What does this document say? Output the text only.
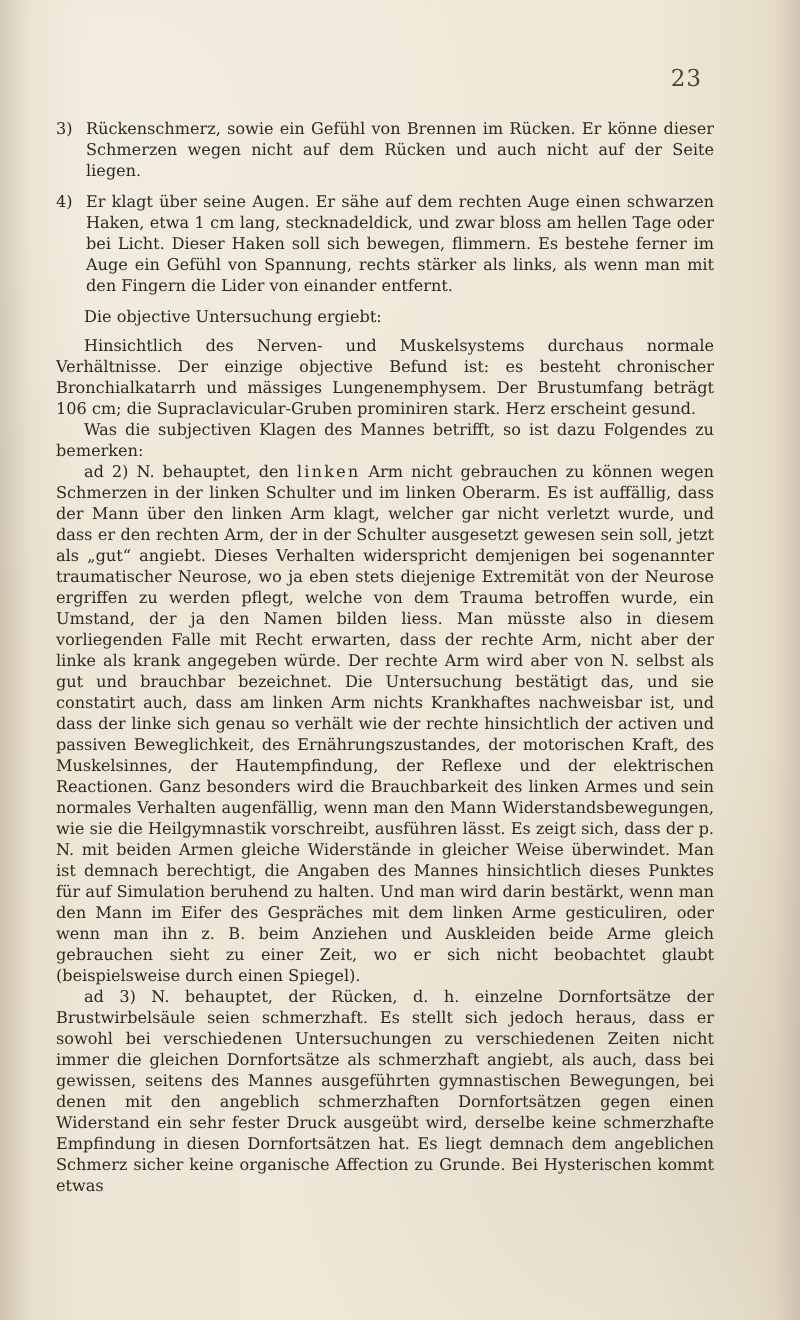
23
3) Rückenschmerz, sowie ein Gefühl von Brennen im Rücken. Er könne dieser Schmerzen wegen nicht auf dem Rücken und auch nicht auf der Seite liegen.
4) Er klagt über seine Augen. Er sähe auf dem rechten Auge einen schwarzen Haken, etwa 1 cm lang, stecknadeldick, und zwar bloss am hellen Tage oder bei Licht. Dieser Haken soll sich bewegen, flimmern. Es bestehe ferner im Auge ein Gefühl von Spannung, rechts stärker als links, als wenn man mit den Fingern die Lider von einander entfernt.

Die objective Untersuchung ergiebt:

Hinsichtlich des Nerven- und Muskelsystems durchaus normale Verhältnisse. Der einzige objective Befund ist: es besteht chronischer Bronchialkatarrh und mässiges Lungenemphysem. Der Brustumfang beträgt 106 cm; die Supraclavicular-Gruben prominiren stark. Herz erscheint gesund.

Was die subjectiven Klagen des Mannes betrifft, so ist dazu Folgendes zu bemerken:

ad 2) N. behauptet, den linken Arm nicht gebrauchen zu können wegen Schmerzen in der linken Schulter und im linken Oberarm. Es ist auffällig, dass der Mann über den linken Arm klagt, welcher gar nicht verletzt wurde, und dass er den rechten Arm, der in der Schulter ausgesetzt gewesen sein soll, jetzt als „gut“ angiebt. Dieses Verhalten widerspricht demjenigen bei sogenannter traumatischer Neurose, wo ja eben stets diejenige Extremität von der Neurose ergriffen zu werden pflegt, welche von dem Trauma betroffen wurde, ein Umstand, der ja den Namen bilden liess. Man müsste also in diesem vorliegenden Falle mit Recht erwarten, dass der rechte Arm, nicht aber der linke als krank angegeben würde. Der rechte Arm wird aber von N. selbst als gut und brauchbar bezeichnet. Die Untersuchung bestätigt das, und sie constatirt auch, dass am linken Arm nichts Krankhaftes nachweisbar ist, und dass der linke sich genau so verhält wie der rechte hinsichtlich der activen und passiven Beweglichkeit, des Ernährungszustandes, der motorischen Kraft, des Muskelsinnes, der Hautempfindung, der Reflexe und der elektrischen Reactionen. Ganz besonders wird die Brauchbarkeit des linken Armes und sein normales Verhalten augenfällig, wenn man den Mann Widerstandsbewegungen, wie sie die Heilgymnastik vorschreibt, ausführen lässt. Es zeigt sich, dass der p. N. mit beiden Armen gleiche Widerstände in gleicher Weise überwindet. Man ist demnach berechtigt, die Angaben des Mannes hinsichtlich dieses Punktes für auf Simulation beruhend zu halten. Und man wird darin bestärkt, wenn man den Mann im Eifer des Gespräches mit dem linken Arme gesticuliren, oder wenn man ihn z. B. beim Anziehen und Auskleiden beide Arme gleich gebrauchen sieht zu einer Zeit, wo er sich nicht beobachtet glaubt (beispielsweise durch einen Spiegel).

ad 3) N. behauptet, der Rücken, d. h. einzelne Dornfortsätze der Brustwirbelsäule seien schmerzhaft. Es stellt sich jedoch heraus, dass er sowohl bei verschiedenen Untersuchungen zu verschiedenen Zeiten nicht immer die gleichen Dornfortsätze als schmerzhaft angiebt, als auch, dass bei gewissen, seitens des Mannes ausgeführten gymnastischen Bewegungen, bei denen mit den angeblich schmerzhaften Dornfortsätzen gegen einen Widerstand ein sehr fester Druck ausgeübt wird, derselbe keine schmerzhafte Empfindung in diesen Dornfortsätzen hat. Es liegt demnach dem angeblichen Schmerz sicher keine organische Affection zu Grunde. Bei Hysterischen kommt etwas
